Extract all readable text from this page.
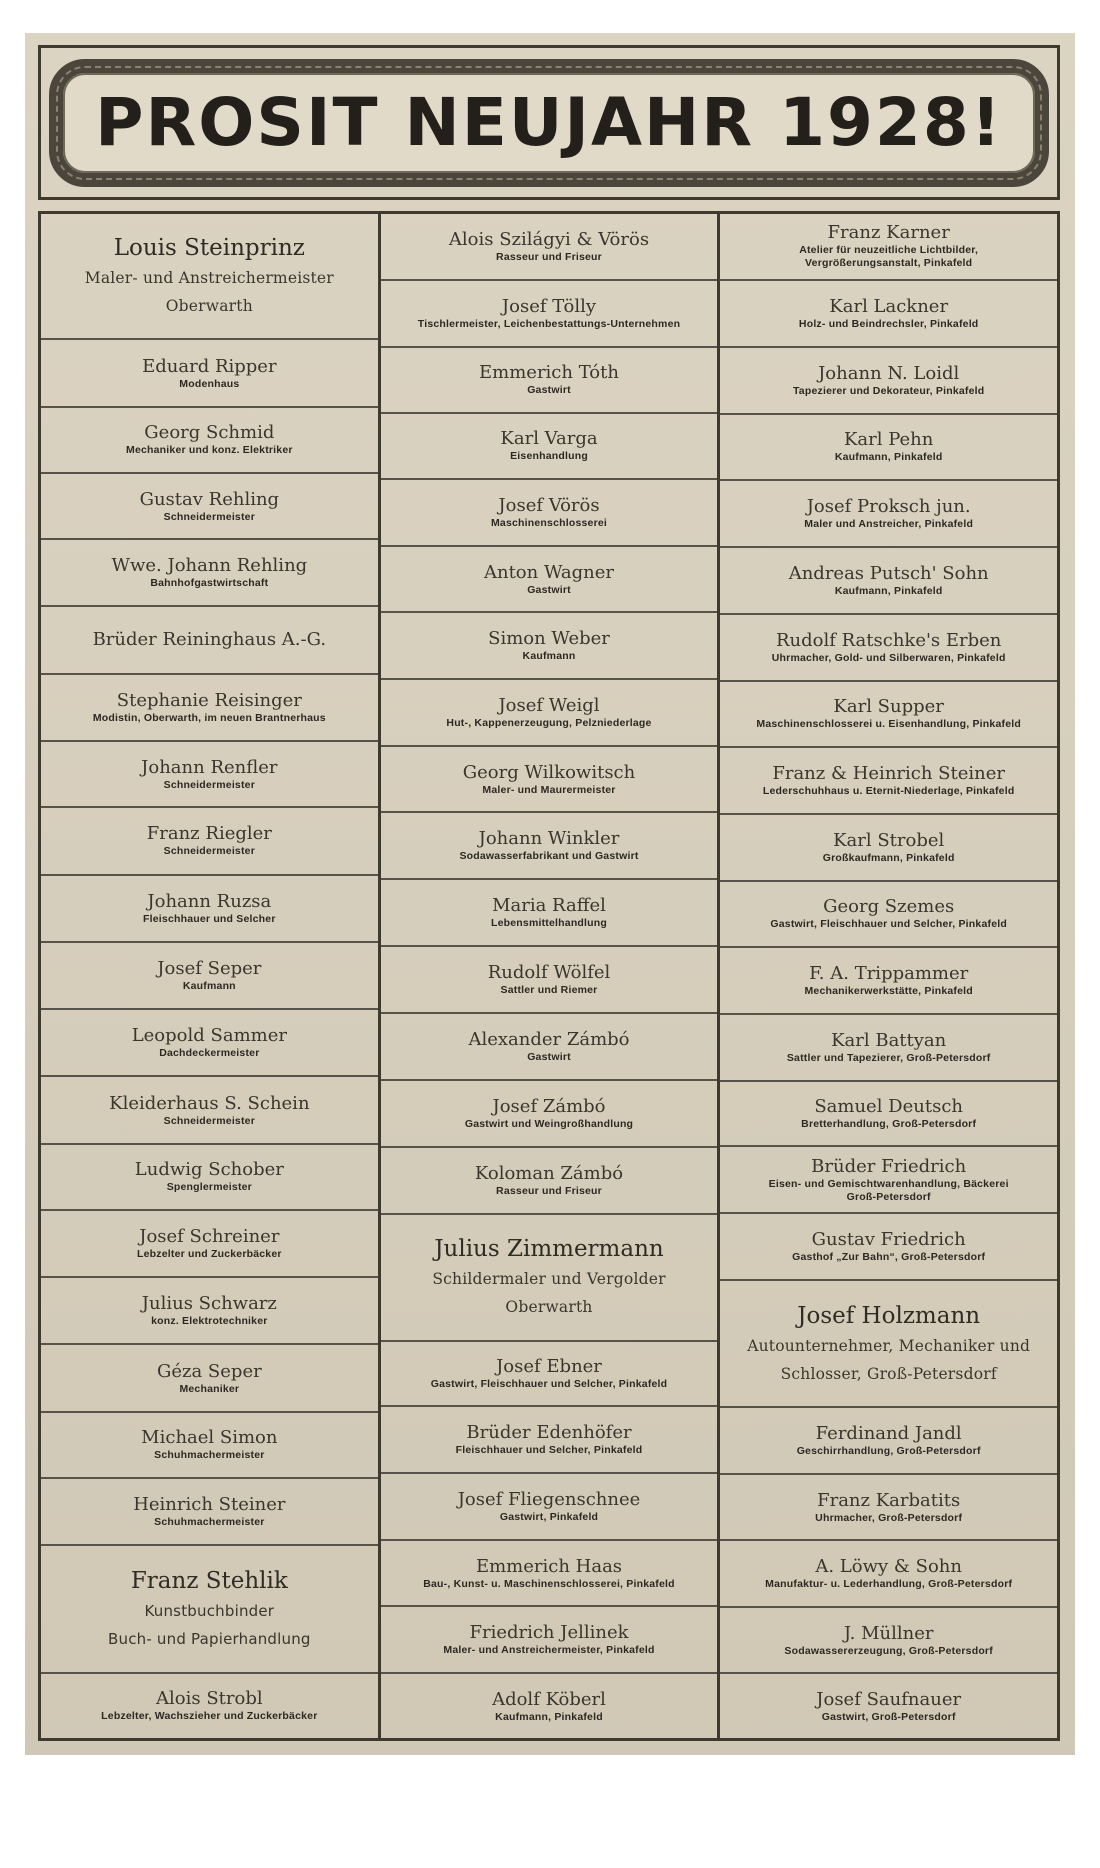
PROSIT NEUJAHR 1928!
Louis Steinprinz
Maler- und Anstreichermeister
Oberwarth
Eduard Ripper
Modenhaus
Georg Schmid
Mechaniker und konz. Elektriker
Gustav Rehling
Schneidermeister
Wwe. Johann Rehling
Bahnhofgastwirtschaft
Brüder Reininghaus A.-G.
Stephanie Reisinger
Modistin, Oberwarth, im neuen Brantnerhaus
Johann Renfler
Schneidermeister
Franz Riegler
Schneidermeister
Johann Ruzsa
Fleischhauer und Selcher
Josef Seper
Kaufmann
Leopold Sammer
Dachdeckermeister
Kleiderhaus S. Schein
Schneidermeister
Ludwig Schober
Spenglermeister
Josef Schreiner
Lebzelter und Zuckerbäcker
Julius Schwarz
konz. Elektrotechniker
Géza Seper
Mechaniker
Michael Simon
Schuhmachermeister
Heinrich Steiner
Schuhmachermeister
Franz Stehlik
Kunstbuchbinder
Buch- und Papierhandlung
Alois Strobl
Lebzelter, Wachszieher und Zuckerbäcker
Alois Szilágyi & Vörös
Rasseur und Friseur
Josef Tölly
Tischlermeister, Leichenbestattungs-Unternehmen
Emmerich Tóth
Gastwirt
Karl Varga
Eisenhandlung
Josef Vörös
Maschinenschlosserei
Anton Wagner
Gastwirt
Simon Weber
Kaufmann
Josef Weigl
Hut-, Kappenerzeugung, Pelzniederlage
Georg Wilkowitsch
Maler- und Maurermeister
Johann Winkler
Sodawasserfabrikant und Gastwirt
Maria Raffel
Lebensmittelhandlung
Rudolf Wölfel
Sattler und Riemer
Alexander Zámbó
Gastwirt
Josef Zámbó
Gastwirt und Weingroßhandlung
Koloman Zámbó
Rasseur und Friseur
Julius Zimmermann
Schildermaler und Vergolder
Oberwarth
Josef Ebner
Gastwirt, Fleischhauer und Selcher, Pinkafeld
Brüder Edenhöfer
Fleischhauer und Selcher, Pinkafeld
Josef Fliegenschnee
Gastwirt, Pinkafeld
Emmerich Haas
Bau-, Kunst- u. Maschinenschlosserei, Pinkafeld
Friedrich Jellinek
Maler- und Anstreichermeister, Pinkafeld
Adolf Köberl
Kaufmann, Pinkafeld
Franz Karner
Atelier für neuzeitliche Lichtbilder,
Vergrößerungsanstalt, Pinkafeld
Karl Lackner
Holz- und Beindrechsler, Pinkafeld
Johann N. Loidl
Tapezierer und Dekorateur, Pinkafeld
Karl Pehn
Kaufmann, Pinkafeld
Josef Proksch jun.
Maler und Anstreicher, Pinkafeld
Andreas Putsch' Sohn
Kaufmann, Pinkafeld
Rudolf Ratschke's Erben
Uhrmacher, Gold- und Silberwaren, Pinkafeld
Karl Supper
Maschinenschlosserei u. Eisenhandlung, Pinkafeld
Franz & Heinrich Steiner
Lederschuhhaus u. Eternit-Niederlage, Pinkafeld
Karl Strobel
Großkaufmann, Pinkafeld
Georg Szemes
Gastwirt, Fleischhauer und Selcher, Pinkafeld
F. A. Trippammer
Mechanikerwerkstätte, Pinkafeld
Karl Battyan
Sattler und Tapezierer, Groß-Petersdorf
Samuel Deutsch
Bretterhandlung, Groß-Petersdorf
Brüder Friedrich
Eisen- und Gemischtwarenhandlung, Bäckerei
Groß-Petersdorf
Gustav Friedrich
Gasthof „Zur Bahn“, Groß-Petersdorf
Josef Holzmann
Autounternehmer, Mechaniker und
Schlosser, Groß-Petersdorf
Ferdinand Jandl
Geschirrhandlung, Groß-Petersdorf
Franz Karbatits
Uhrmacher, Groß-Petersdorf
A. Löwy & Sohn
Manufaktur- u. Lederhandlung, Groß-Petersdorf
J. Müllner
Sodawassererzeugung, Groß-Petersdorf
Josef Saufnauer
Gastwirt, Groß-Petersdorf
